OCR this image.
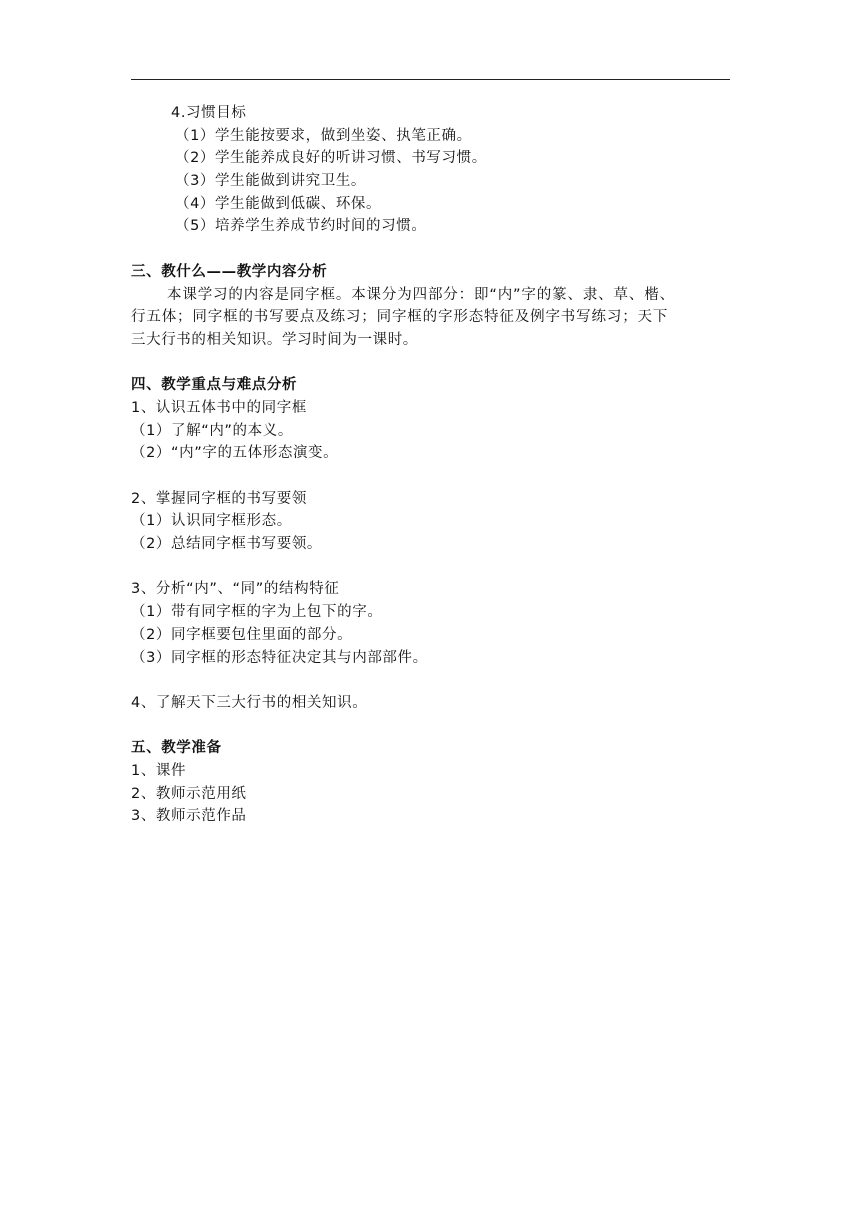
4.习惯目标
（1）学生能按要求，做到坐姿、执笔正确。
（2）学生能养成良好的听讲习惯、书写习惯。
（3）学生能做到讲究卫生。
（4）学生能做到低碳、环保。
（5）培养学生养成节约时间的习惯。
三、教什么——教学内容分析
本课学习的内容是同字框。本课分为四部分：即“内”字的篆、隶、草、楷、
行五体；同字框的书写要点及练习；同字框的字形态特征及例字书写练习；天下
三大行书的相关知识。学习时间为一课时。
四、教学重点与难点分析
1、认识五体书中的同字框
（1）了解“内”的本义。
（2）“内”字的五体形态演变。
2、掌握同字框的书写要领
（1）认识同字框形态。
（2）总结同字框书写要领。
3、分析“内”、“同”的结构特征
（1）带有同字框的字为上包下的字。
（2）同字框要包住里面的部分。
（3）同字框的形态特征决定其与内部部件。
4、了解天下三大行书的相关知识。
五、教学准备
1、课件
2、教师示范用纸
3、教师示范作品
